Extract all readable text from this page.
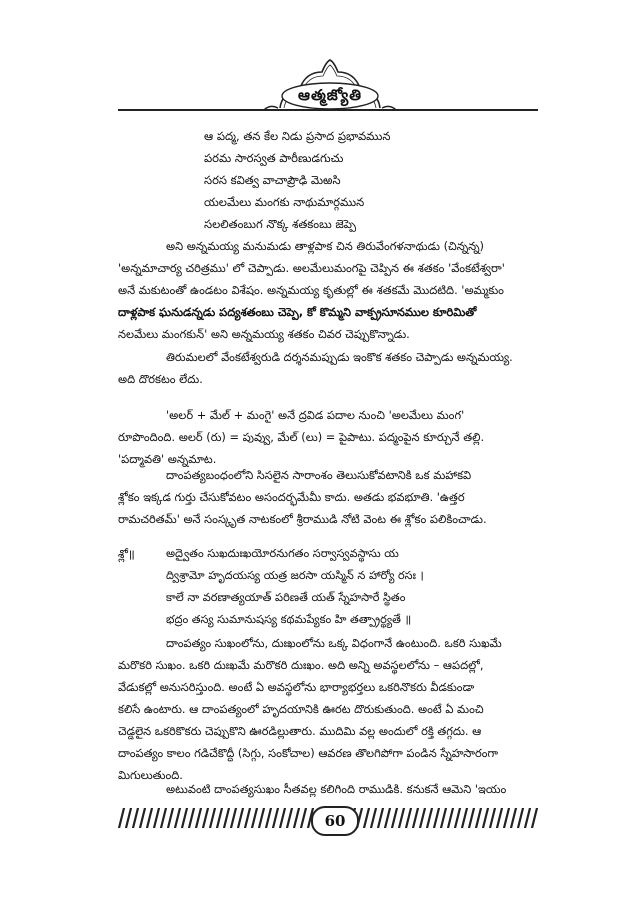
ఆత్మజ్యోతి
ఆ పద్మ, తన కేల నిడు ప్రసాద ప్రభావమున
పరమ సారస్వత పారీణుడగుచు
సరస కవిత్వ వాచాప్రౌఢి మెఱసి
యలమేలు మంగకు నాథుమార్గమున
సలలితంబుగ నొక్క శతకంబు జెప్పె
అని అన్నమయ్య మనుమడు తాళ్లపాక చిన తిరువేంగళనాథుడు (చిన్నన్న)
'అన్నమాచార్య చరిత్రము' లో చెప్పాడు. అలమేలుమంగపై చెప్పిన ఈ శతకం 'వేంకటేశ్వరా'
అనే మకుటంతో ఉండటం విశేషం. అన్నమయ్య కృతుల్లో ఈ శతకమే మొదటిది. 'అమ్మకుం
దాళ్లపాక ఘనుడన్నడు పద్యశతంబు చెప్పె, కో కొమ్మని వాక్ప్రసూనముల కూరిమితో
నలమేలు మంగకున్' అని అన్నమయ్య శతకం చివర చెప్పుకొన్నాడు.
తిరుమలలో వేంకటేశ్వరుడి దర్శనమప్పుడు ఇంకొక శతకం చెప్పాడు అన్నమయ్య.
అది దొరకటం లేదు.
'అలర్ + మేల్ + మంగై' అనే ద్రవిడ పదాల నుంచి 'అలమేలు మంగ'
రూపొందింది. అలర్ (రు) = పువ్వు, మేల్ (లు) = పైపాటు. పద్మంపైన కూర్చునే తల్లి.
'పద్మావతి' అన్నమాట.
దాంపత్యబంధంలోని సిసలైన సారాంశం తెలుసుకోవటానికి ఒక మహాకవి
శ్లోకం ఇక్కడ గుర్తు చేసుకోవటం అసందర్భమేమీ కాదు. అతడు భవభూతి. 'ఉత్తర
రామచరితమ్' అనే సంస్కృత నాటకంలో శ్రీరాముడి నోటి వెంట ఈ శ్లోకం పలికించాడు.
శ్లో॥	అద్వైతం సుఖదుఃఖయోరనుగతం సర్వాస్వవస్థాసు య
ద్విశ్రామో హృదయస్య యత్ర జరసా యస్మిన్ న హార్యో రసః ।
కాలే నా వరణాత్యయాత్ పరిణతే యత్ స్నేహసారే స్థితం
భద్రం తస్య సుమానుషస్య కథమప్యేకం హి తత్ప్రార్థ్యతే ॥
దాంపత్యం సుఖంలోను, దుఃఖంలోను ఒక్క విధంగానే ఉంటుంది. ఒకరి సుఖమే
మరొకరి సుఖం. ఒకరి దుఃఖమే మరొకరి దుఃఖం. అది అన్ని అవస్థలలోను – ఆపదల్లో,
వేడుకల్లో అనుసరిస్తుంది. అంటే ఏ అవస్థలోను భార్యాభర్తలు ఒకరినొకరు వీడకుండా
కలిసే ఉంటారు. ఆ దాంపత్యంలో హృదయానికి ఊరట దొరుకుతుంది. అంటే ఏ మంచి
చెడ్డలైన ఒకరికొకరు చెప్పుకొని ఊరడిల్లుతారు. ముదిమి వల్ల అందులో రక్తి తగ్గదు. ఆ
దాంపత్యం కాలం గడిచేకొద్దీ (సిగ్గు, సంకోచాల) ఆవరణ తొలగిపోగా పండిన స్నేహసారంగా
మిగులుతుంది.
అటువంటి దాంపత్యసుఖం సీతవల్ల కలిగింది రాముడికి. కనుకనే ఆమెని 'ఇయం
60
